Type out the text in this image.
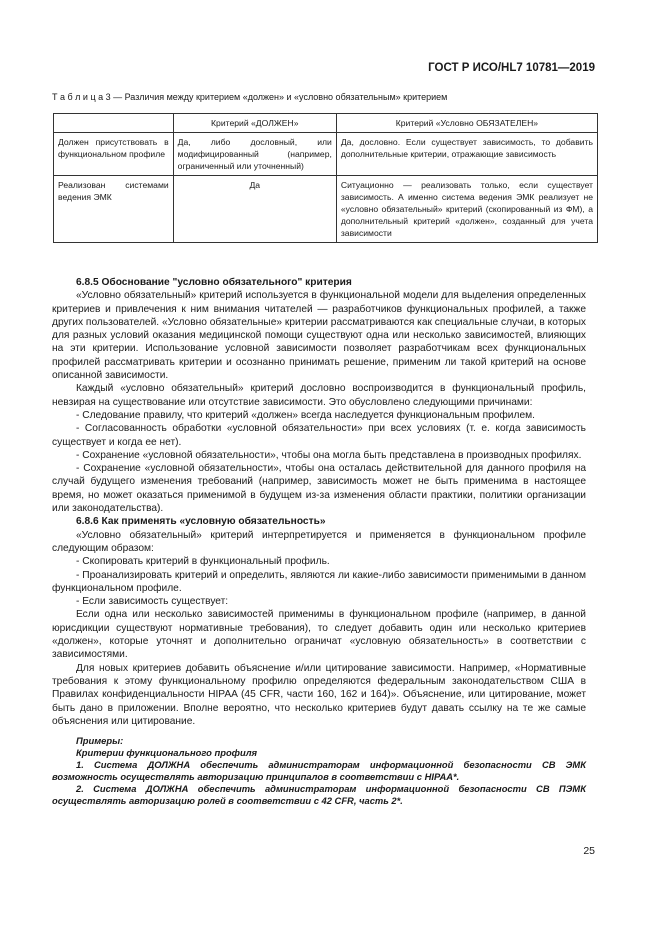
ГОСТ Р ИСО/HL7 10781—2019
Т а б л и ц а 3 — Различия между критерием «должен» и «условно обязательным» критерием
	Критерий «ДОЛЖЕН»	Критерий «Условно ОБЯЗАТЕЛЕН»
Должен присутствовать в функциональном профиле	Да, либо дословный, или модифицированный (например, ограниченный или уточненный)	Да, дословно. Если существует зависимость, то добавить дополнительные критерии, отражающие зависимость
Реализован системами ведения ЭМК	Да	Ситуационно — реализовать только, если существует зависимость. А именно система ведения ЭМК реализует не «условно обязательный» критерий (скопированный из ФМ), а дополнительный критерий «должен», созданный для учета зависимости

6.8.5 Обоснование "условно обязательного" критерия

«Условно обязательный» критерий используется в функциональной модели для выделения определенных критериев и привлечения к ним внимания читателей — разработчиков функциональных профилей, а также других пользователей. «Условно обязательные» критерии рассматриваются как специальные случаи, в которых для разных условий оказания медицинской помощи существуют одна или несколько зависимостей, влияющих на эти критерии. Использование условной зависимости позволяет разработчикам всех функциональных профилей рассматривать критерии и осознанно принимать решение, применим ли такой критерий на основе описанной зависимости.

Каждый «условно обязательный» критерий дословно воспроизводится в функциональный профиль, невзирая на существование или отсутствие зависимости. Это обусловлено следующими причинами:

- Следование правилу, что критерий «должен» всегда наследуется функциональным профилем.

- Согласованность обработки «условной обязательности» при всех условиях (т. е. когда зависимость существует и когда ее нет).

- Сохранение «условной обязательности», чтобы она могла быть представлена в производных профилях.

- Сохранение «условной обязательности», чтобы она осталась действительной для данного профиля на случай будущего изменения требований (например, зависимость может не быть применима в настоящее время, но может оказаться применимой в будущем из-за изменения области практики, политики организации или законодательства).

6.8.6 Как применять «условную обязательность»

«Условно обязательный» критерий интерпретируется и применяется в функциональном профиле следующим образом:

- Скопировать критерий в функциональный профиль.

- Проанализировать критерий и определить, являются ли какие-либо зависимости применимыми в данном функциональном профиле.

- Если зависимость существует:

Если одна или несколько зависимостей применимы в функциональном профиле (например, в данной юрисдикции существуют нормативные требования), то следует добавить один или несколько критериев «должен», которые уточнят и дополнительно ограничат «условную обязательность» в соответствии с зависимостями.

Для новых критериев добавить объяснение и/или цитирование зависимости. Например, «Нормативные требования к этому функциональному профилю определяются федеральным законодательством США в Правилах конфиденциальности HIPAA (45 CFR, части 160, 162 и 164)». Объяснение, или цитирование, может быть дано в приложении. Вполне вероятно, что несколько критериев будут давать ссылку на те же самые объяснения или цитирование.

Примеры:

Критерии функционального профиля

1. Система ДОЛЖНА обеспечить администраторам информационной безопасности СВ ЭМК возможность осуществлять авторизацию принципалов в соответствии с HIPAA*.

2. Система ДОЛЖНА обеспечить администраторам информационной безопасности СВ ПЭМК осуществлять авторизацию ролей в соответствии с 42 CFR, часть 2*.

25
